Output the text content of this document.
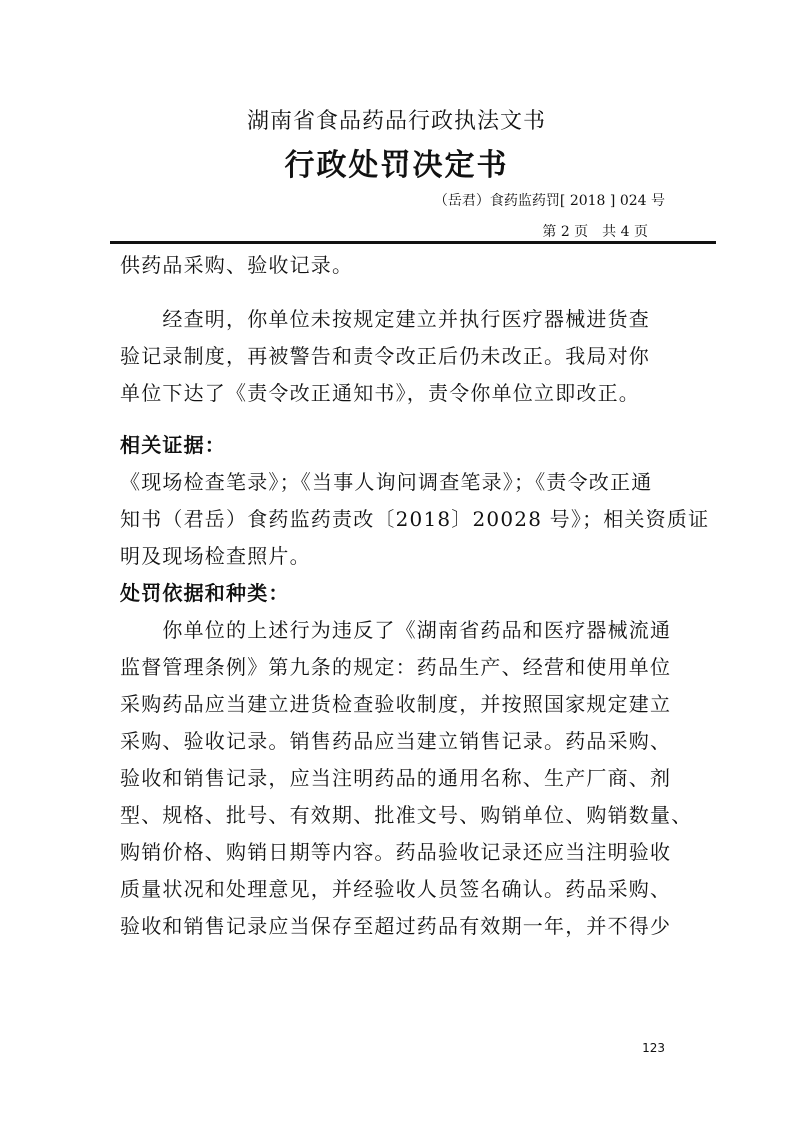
湖南省食品药品行政执法文书
行政处罚决定书
（岳君）食药监药罚[ 2018 ] 024 号
第 2 页　共 4 页

供药品采购、验收记录。

　　经查明，你单位未按规定建立并执行医疗器械进货查

验记录制度，再被警告和责令改正后仍未改正。我局对你

单位下达了《责令改正通知书》，责令你单位立即改正。

相关证据：

《现场检查笔录》；《当事人询问调查笔录》；《责令改正通

知书（君岳）食药监药责改〔2018〕20028 号》；相关资质证

明及现场检查照片。

处罚依据和种类：

　　你单位的上述行为违反了《湖南省药品和医疗器械流通

监督管理条例》第九条的规定：药品生产、经营和使用单位

采购药品应当建立进货检查验收制度，并按照国家规定建立

采购、验收记录。销售药品应当建立销售记录。药品采购、

验收和销售记录，应当注明药品的通用名称、生产厂商、剂

型、规格、批号、有效期、批准文号、购销单位、购销数量、

购销价格、购销日期等内容。药品验收记录还应当注明验收

质量状况和处理意见，并经验收人员签名确认。药品采购、

验收和销售记录应当保存至超过药品有效期一年，并不得少

123
